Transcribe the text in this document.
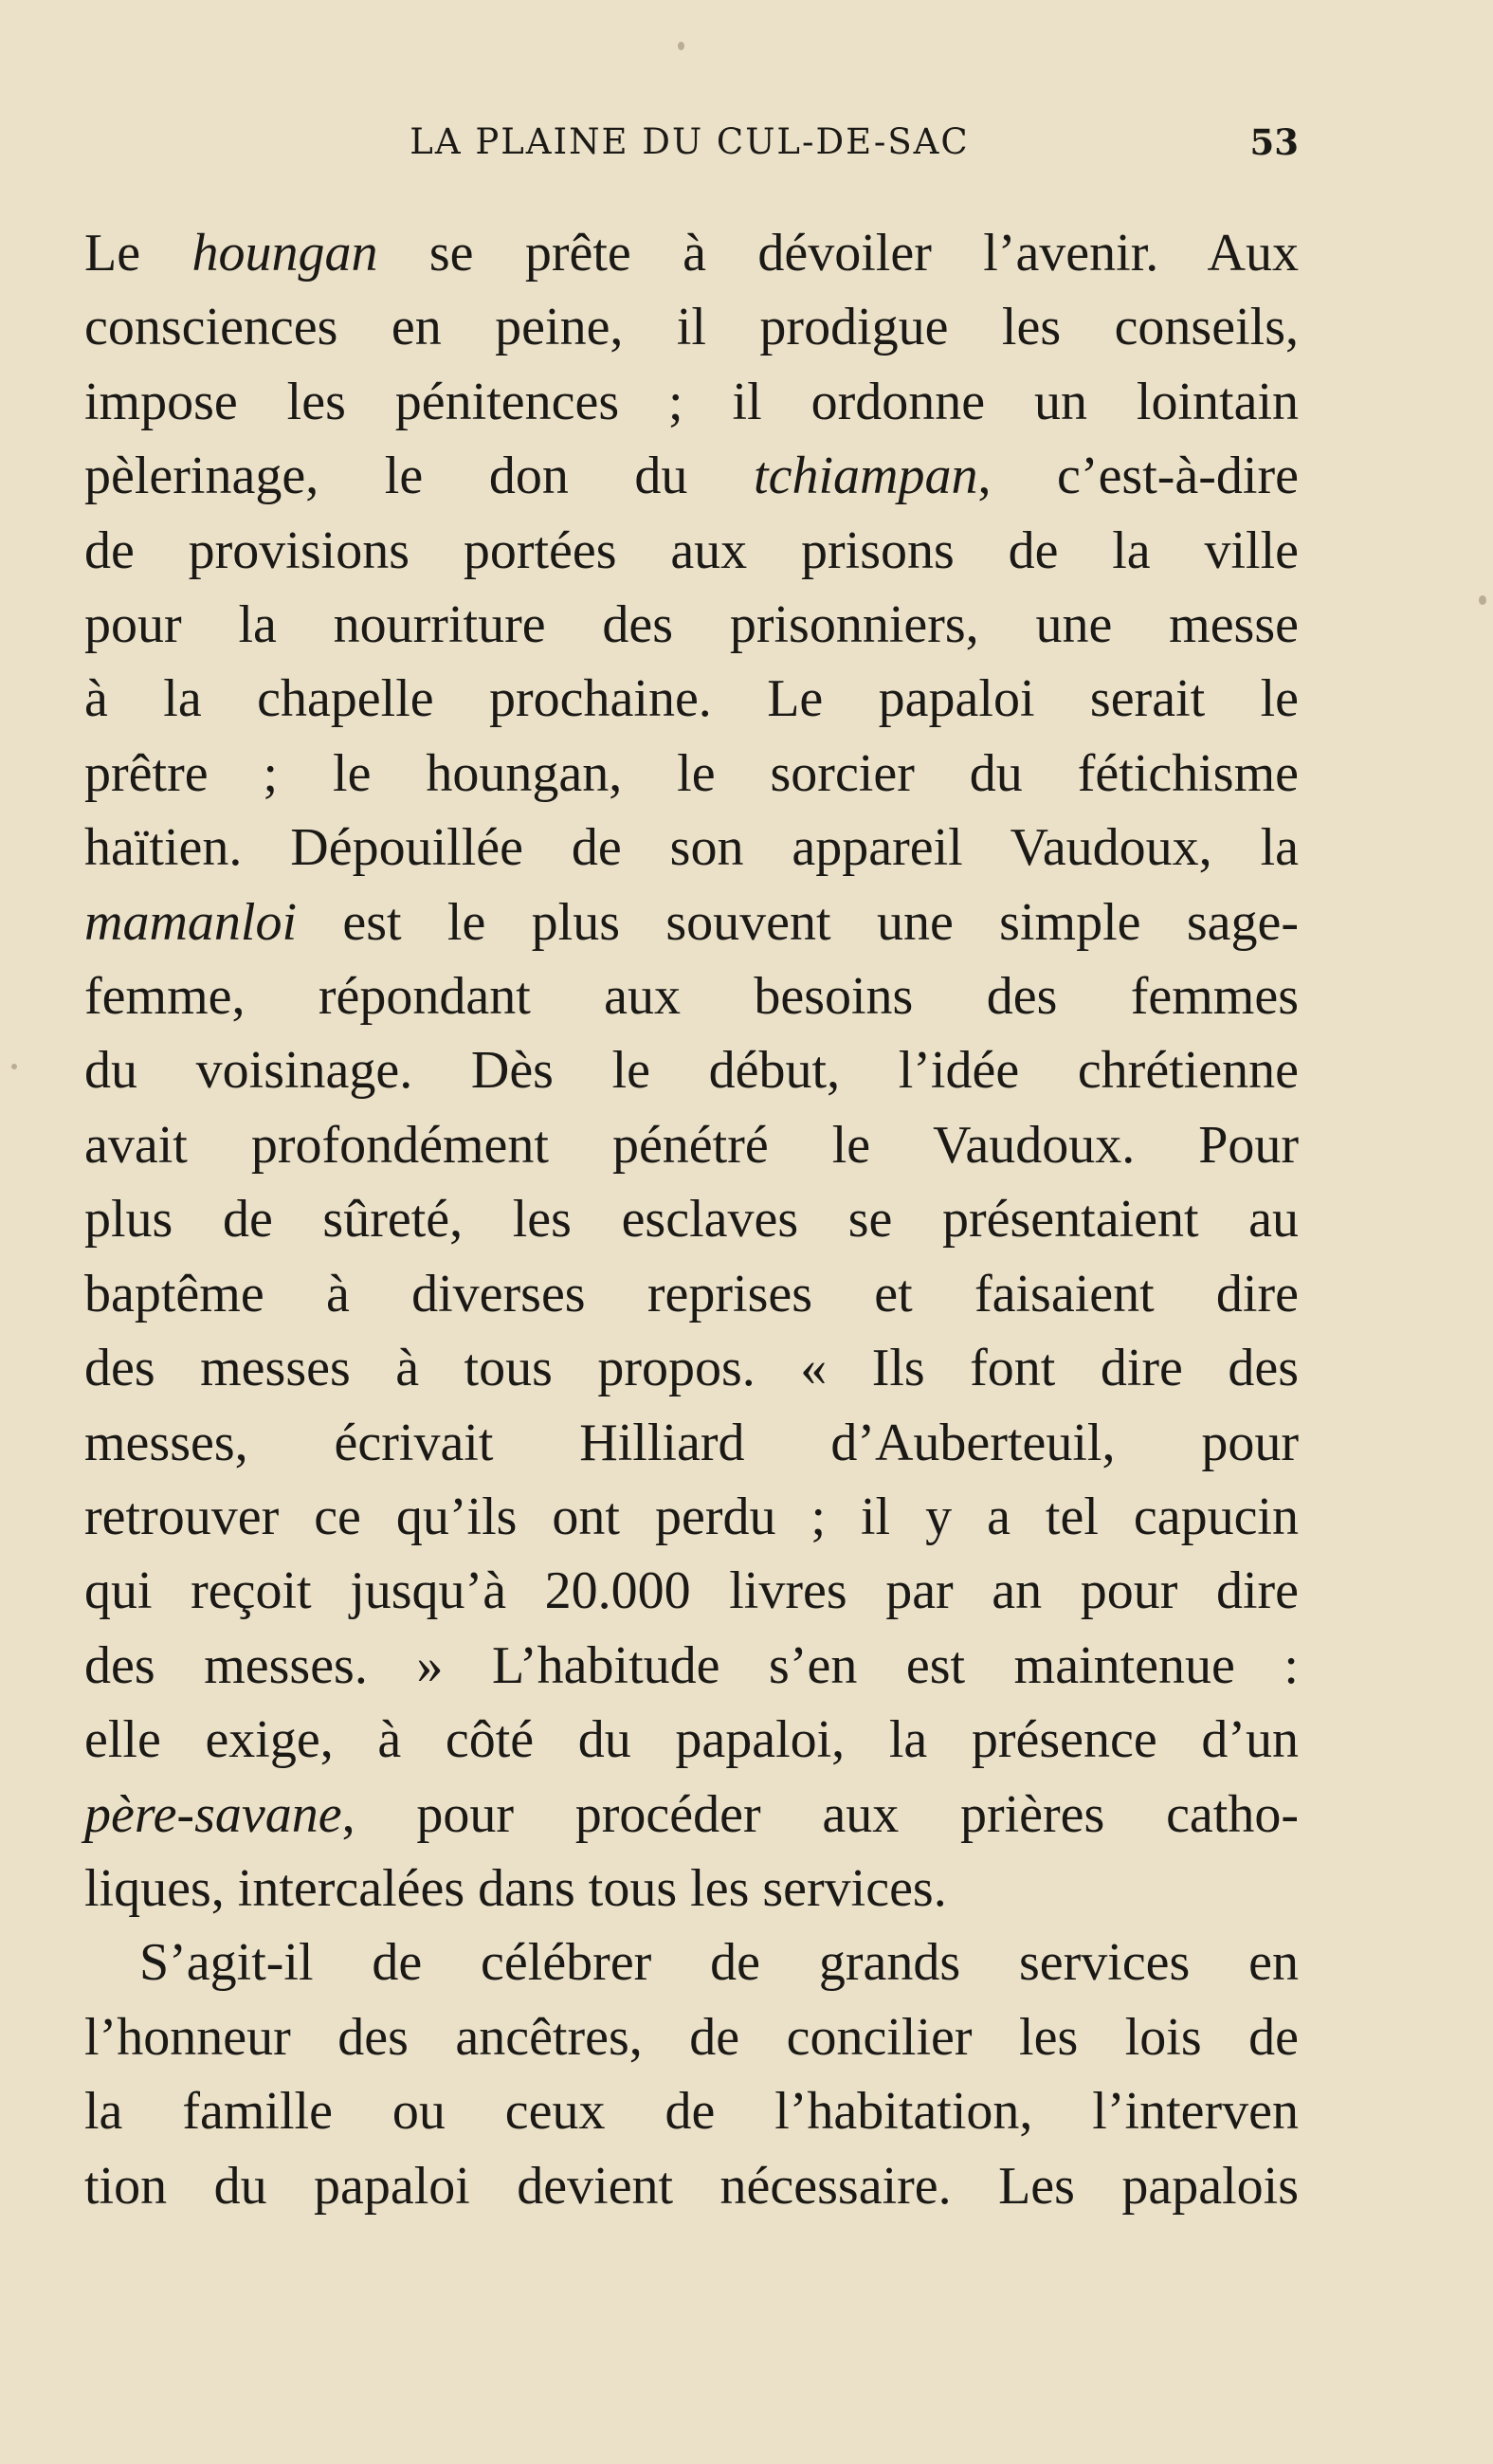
LA PLAINE DU CUL-DE-SAC	53
Le houngan se prête à dévoiler l’avenir. Aux
consciences en peine, il prodigue les conseils,
impose les pénitences ; il ordonne un lointain
pèlerinage, le don du tchiampan, c’est-à-dire
de provisions portées aux prisons de la ville
pour la nourriture des prisonniers, une messe
à la chapelle prochaine. Le papaloi serait le
prêtre ; le houngan, le sorcier du fétichisme
haïtien. Dépouillée de son appareil Vaudoux, la
mamanloi est le plus souvent une simple sage-
femme, répondant aux besoins des femmes
du voisinage. Dès le début, l’idée chrétienne
avait profondément pénétré le Vaudoux. Pour
plus de sûreté, les esclaves se présentaient au
baptême à diverses reprises et faisaient dire
des messes à tous propos. « Ils font dire des
messes, écrivait Hilliard d’Auberteuil, pour
retrouver ce qu’ils ont perdu ; il y a tel capucin
qui reçoit jusqu’à 20.000 livres par an pour dire
des messes. » L’habitude s’en est maintenue :
elle exige, à côté du papaloi, la présence d’un
père-savane, pour procéder aux prières catho-
liques, intercalées dans tous les services.
S’agit-il de célébrer de grands services en
l’honneur des ancêtres, de concilier les lois de
la famille ou ceux de l’habitation, l’interven
tion du papaloi devient nécessaire. Les papalois
